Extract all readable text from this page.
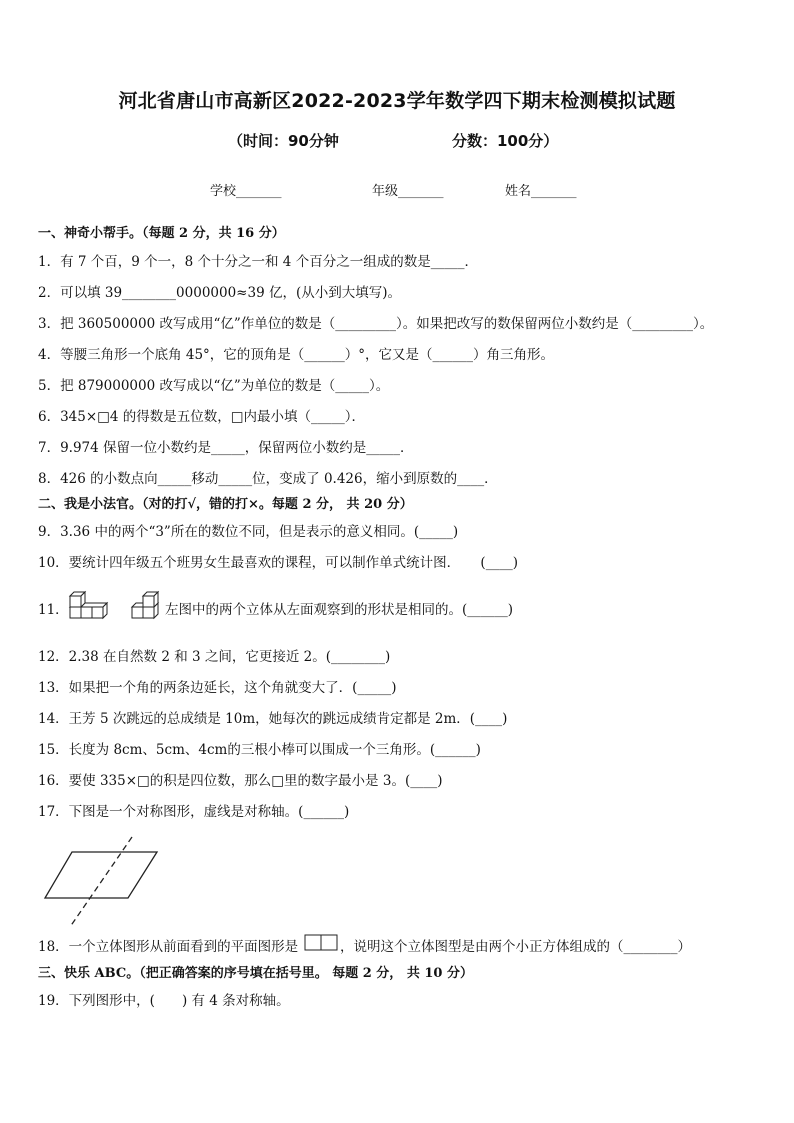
河北省唐山市高新区2022-2023学年数学四下期末检测模拟试题
（时间：90分钟	分数：100分）
学校_______	年级_______	姓名_______
一、神奇小帮手。（每题 2 分，共 16 分）
1．有 7 个百，9 个一，8 个十分之一和 4 个百分之一组成的数是_____．
2．可以填 39________0000000≈39 亿，(从小到大填写)。
3．把 360500000 改写成用“亿”作单位的数是（_________）。如果把改写的数保留两位小数约是（_________）。
4．等腰三角形一个底角 45°，它的顶角是（______）°，它又是（______）角三角形。
5．把 879000000 改写成以“亿”为单位的数是（_____）。
6．345×□4 的得数是五位数，□内最小填（_____）．
7．9.974 保留一位小数约是_____，保留两位小数约是_____．
8．426 的小数点向_____移动_____位，变成了 0.426，缩小到原数的____．
二、我是小法官。（对的打√，错的打×。每题 2 分， 共 20 分）
9．3.36 中的两个“3”所在的数位不同，但是表示的意义相同。(_____)
10．要统计四年级五个班男女生最喜欢的课程，可以制作单式统计图．　　(____)
11．	左图中的两个立体从左面观察到的形状是相同的。(______)
12．2.38 在自然数 2 和 3 之间，它更接近 2。(________)
13．如果把一个角的两条边延长，这个角就变大了．(_____)
14．王芳 5 次跳远的总成绩是 10m，她每次的跳远成绩肯定都是 2m．(____)
15．长度为 8cm、5cm、4cm的三根小棒可以围成一个三角形。(______)
16．要使 335×□的积是四位数，那么□里的数字最小是 3。(____)
17．下图是一个对称图形，虚线是对称轴。(______)
18．一个立体图形从前面看到的平面图形是	，说明这个立体图型是由两个小正方体组成的（________）
三、快乐 ABC。（把正确答案的序号填在括号里。 每题 2 分， 共 10 分）
19．下列图形中，(　　) 有 4 条对称轴。
